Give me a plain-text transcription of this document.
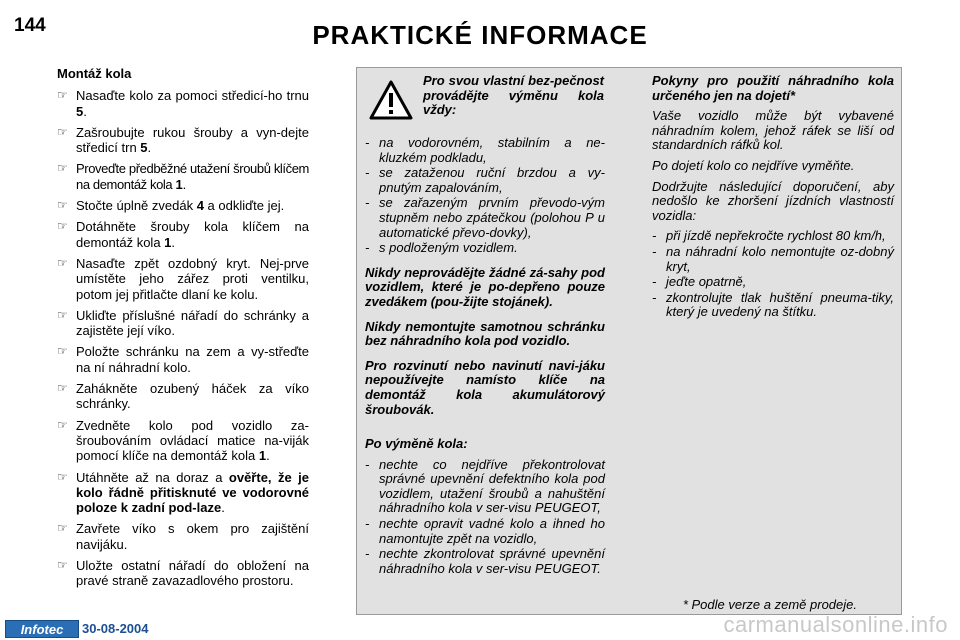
144	PRAKTICKÉ INFORMACE
Montáž kola
☞ Nasaďte kolo za pomoci středicí-ho trnu 5.
☞ Zašroubujte rukou šrouby a vyn-dejte středicí trn 5.
☞ Proveďte předběžné utažení šroubů klíčem na demontáž kola 1.
☞ Stočte úplně zvedák 4 a odkliďte jej.
☞ Dotáhněte šrouby kola klíčem na demontáž kola 1.
☞ Nasaďte zpět ozdobný kryt. Nej-prve umístěte jeho zářez proti ventilku, potom jej přitlačte dlaní ke kolu.
☞ Ukliďte příslušné nářadí do schránky a zajistěte její víko.
☞ Položte schránku na zem a vy-střeďte na ní náhradní kolo.
☞ Zahákněte ozubený háček za víko schránky.
☞ Zvedněte kolo pod vozidlo za-šroubováním ovládací matice na-viják pomocí klíče na demontáž kola 1.
☞ Utáhněte až na doraz a ověřte, že je kolo řádně přitisknuté ve vodorovné poloze k zadní pod-laze.
☞ Zavřete víko s okem pro zajištění navijáku.
☞ Uložte ostatní nářadí do obložení na pravé straně zavazadlového prostoru.
Pro svou vlastní bez-pečnost provádějte výměnu kola vždy:
- na vodorovném, stabilním a ne-kluzkém podkladu,
- se zataženou ruční brzdou a vy-pnutým zapalováním,
- se zařazeným prvním převodo-vým stupněm nebo zpátečkou (polohou P u automatické převo-dovky),
- s podloženým vozidlem.

Nikdy neprovádějte žádné zá-sahy pod vozidlem, které je po-depřeno pouze zvedákem (pou-žijte stojánek).

Nikdy nemontujte samotnou schránku bez náhradního kola pod vozidlo.

Pro rozvinutí nebo navinutí navi-jáku nepoužívejte namísto klíče na demontáž kola akumulátorový šroubovák.

Po výměně kola:

- nechte co nejdříve překontrolovat správné upevnění defektního kola pod vozidlem, utažení šroubů a nahuštění náhradního kola v ser-visu PEUGEOT,
- nechte opravit vadné kolo a ihned ho namontujte zpět na vozidlo,
- nechte zkontrolovat správné upevnění náhradního kola v ser-visu PEUGEOT.

Pokyny pro použití náhradního kola určeného jen na dojetí*

Vaše vozidlo může být vybavené náhradním kolem, jehož ráfek se liší od standardních ráfků kol.

Po dojetí kolo co nejdříve vyměňte.

Dodržujte následující doporučení, aby nedošlo ke zhoršení jízdních vlastností vozidla:

- při jízdě nepřekročte rychlost 80 km/h,
- na náhradní kolo nemontujte oz-dobný kryt,
- jeďte opatrně,
- zkontrolujte tlak huštění pneuma-tiky, který je uvedený na štítku.
* Podle verze a země prodeje.
Infotec	30-08-2004	carmanualsonline.info
